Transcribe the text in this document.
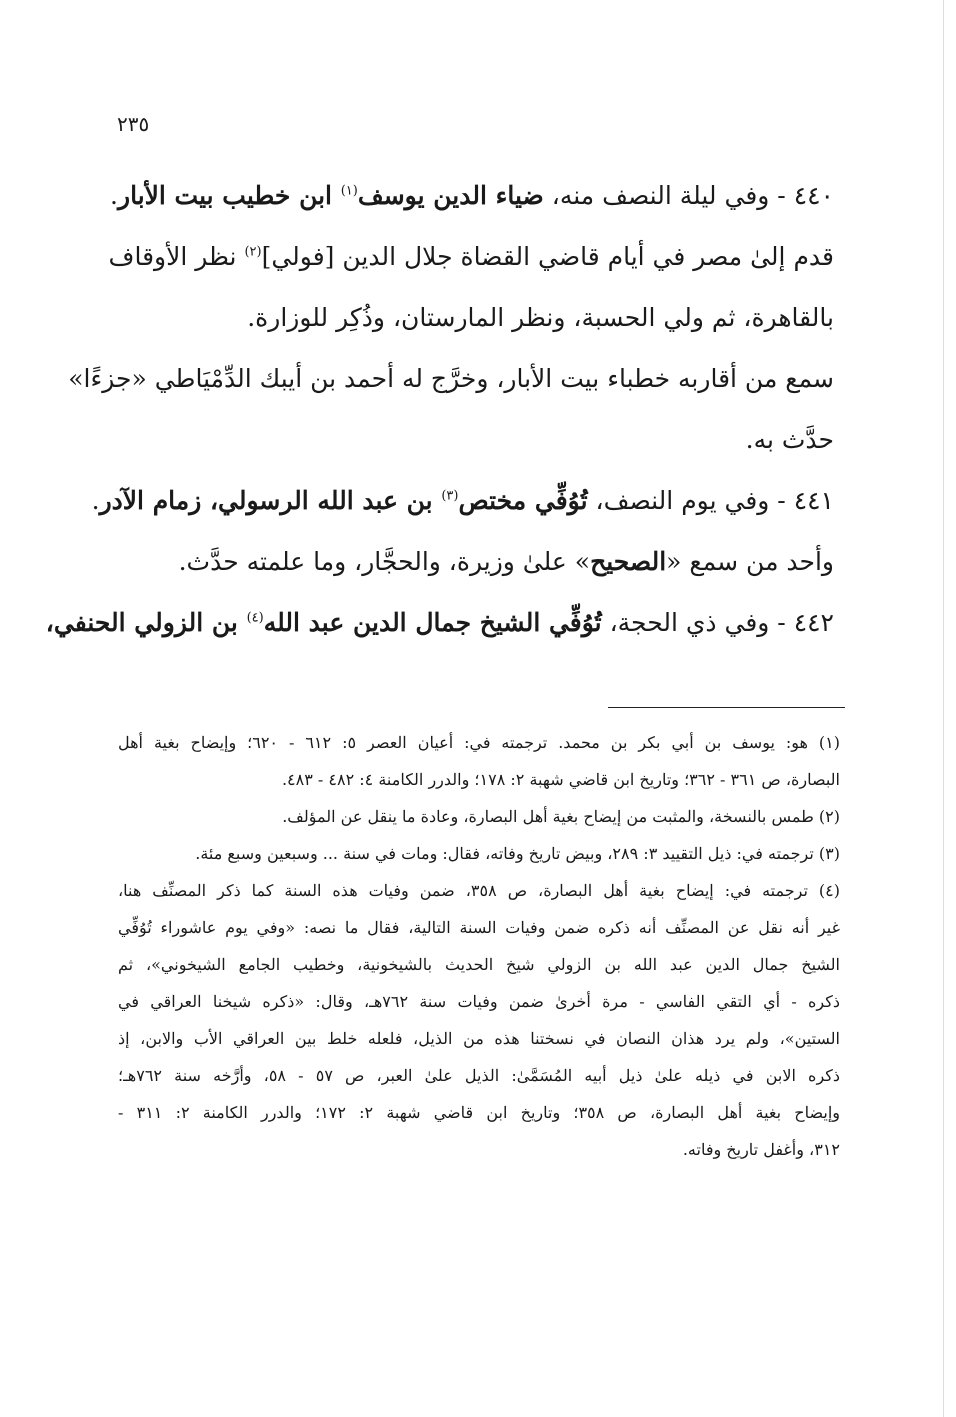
٢٣٥
٤٤٠ - وفي ليلة النصف منه، ضياء الدين يوسف$^{(١)}$ ابن خطيب بيت الأبار.
قدم إلىٰ مصر في أيام قاضي القضاة جلال الدين [فولي]$^{(٢)}$ نظر الأوقاف
بالقاهرة، ثم ولي الحسبة، ونظر المارستان، وذُكِر للوزارة.
سمع من أقاربه خطباء بيت الأبار، وخرَّج له أحمد بن أيبك الدِّمْيَاطي «جزءًا»
حدَّث به.
٤٤١ - وفي يوم النصف، تُوُفِّي مختص$^{(٣)}$ بن عبد الله الرسولي، زمام الآدر.
وأحد من سمع «الصحيح» علىٰ وزيرة، والحجَّار، وما علمته حدَّث.
٤٤٢ - وفي ذي الحجة، تُوُفِّي الشيخ جمال الدين عبد الله$^{(٤)}$ بن الزولي الحنفي،
(١) هو: يوسف بن أبي بكر بن محمد. ترجمته في: أعيان العصر ٥: ٦١٢ - ٦٢٠؛ وإيضاح بغية أهل
البصارة، ص ٣٦١ - ٣٦٢؛ وتاريخ ابن قاضي شهبة ٢: ١٧٨؛ والدرر الكامنة ٤: ٤٨٢ - ٤٨٣.
(٢) طمس بالنسخة، والمثبت من إيضاح بغية أهل البصارة، وعادة ما ينقل عن المؤلف.
(٣) ترجمته في: ذيل التقييد ٣: ٢٨٩، وبيض تاريخ وفاته، فقال: ومات في سنة ... وسبعين وسبع مئة.
(٤) ترجمته في: إيضاح بغية أهل البصارة، ص ٣٥٨، ضمن وفيات هذه السنة كما ذكر المصنِّف هنا،
غير أنه نقل عن المصنِّف أنه ذكره ضمن وفيات السنة التالية، فقال ما نصه: «وفي يوم عاشوراء تُوُفِّي
الشيخ جمال الدين عبد الله بن الزولي شيخ الحديث بالشيخونية، وخطيب الجامع الشيخوني»، ثم
ذكره - أي التقي الفاسي - مرة أخرىٰ ضمن وفيات سنة ٧٦٢هـ، وقال: «ذكره شيخنا العراقي في
الستين»، ولم يرد هذان النصان في نسختنا هذه من الذيل، فلعله خلط بين العراقي الأب والابن، إذ
ذكره الابن في ذيله علىٰ ذيل أبيه المُسَمَّىٰ: الذيل علىٰ العبر، ص ٥٧ - ٥٨، وأرَّخه سنة ٧٦٢هـ؛
وإيضاح بغية أهل البصارة، ص ٣٥٨؛ وتاريخ ابن قاضي شهبة ٢: ١٧٢؛ والدرر الكامنة ٢: ٣١١ -
٣١٢، وأغفل تاريخ وفاته.
